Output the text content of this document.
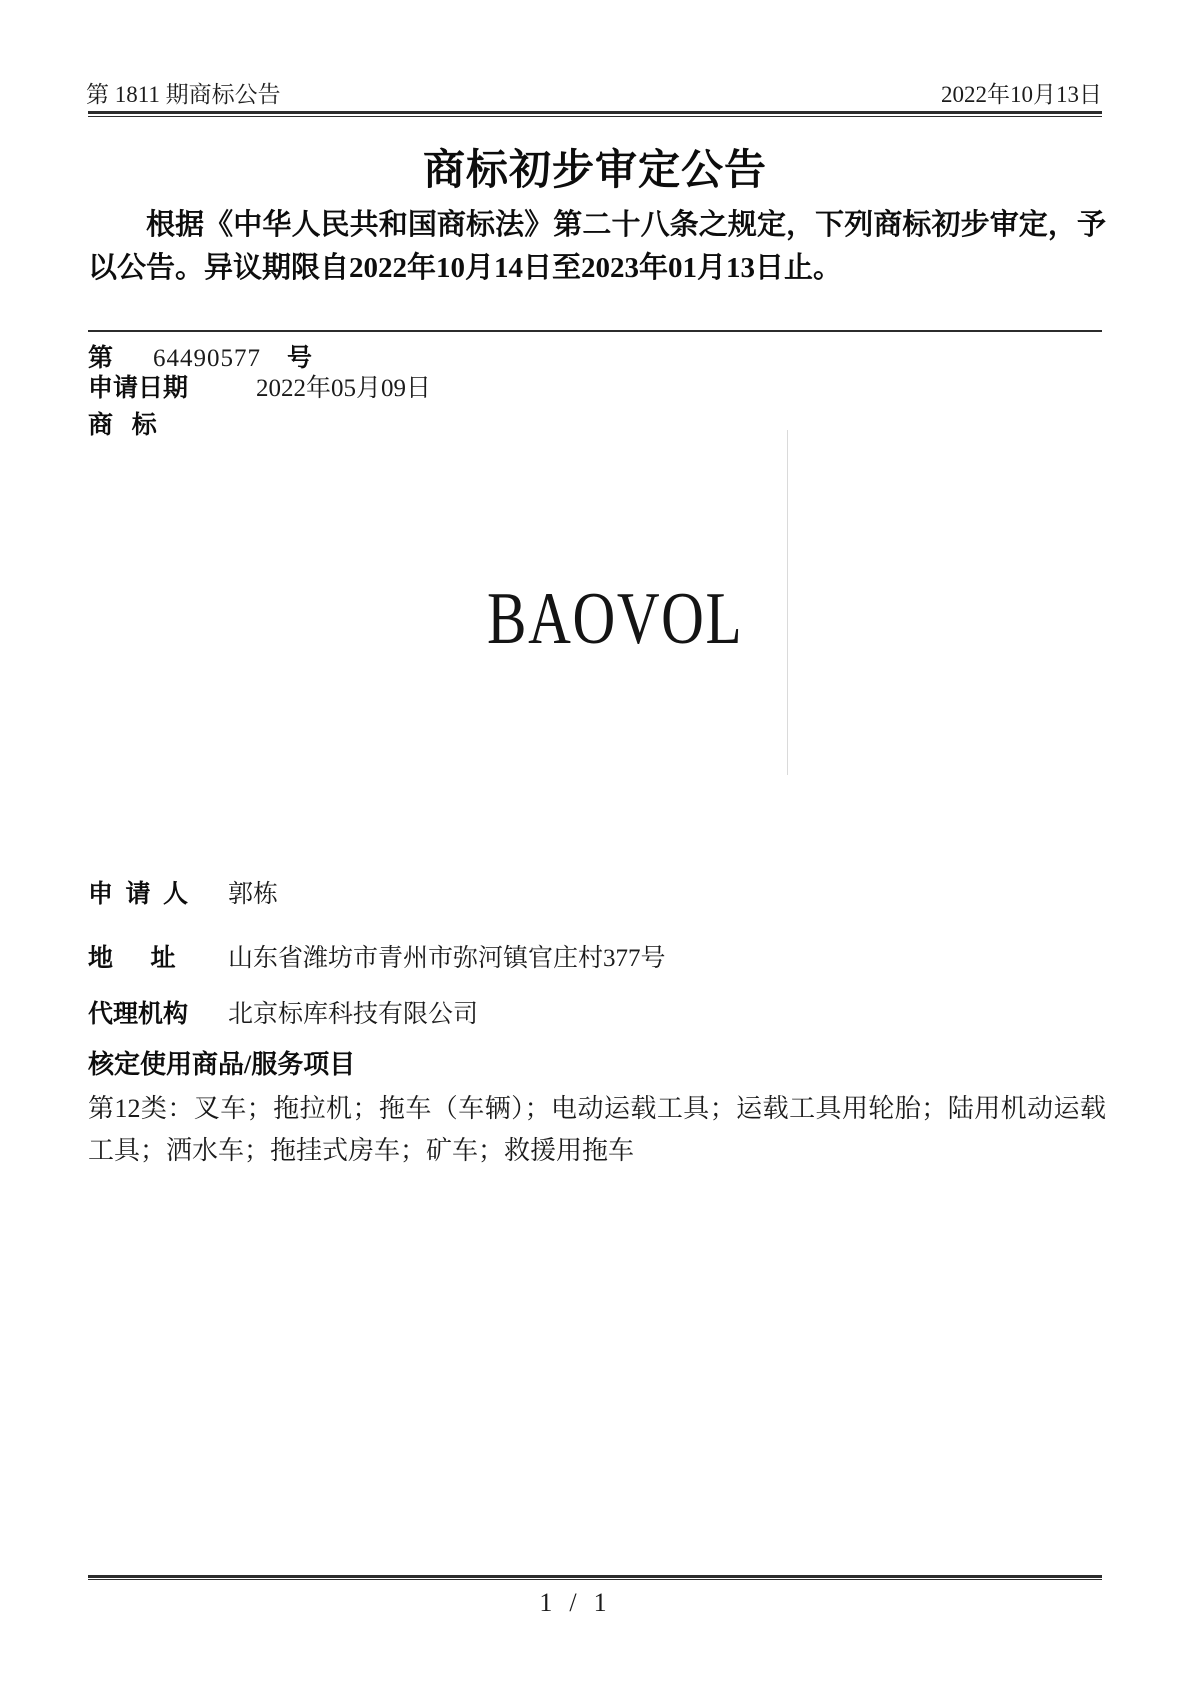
第 1811 期商标公告	2022年10月13日
商标初步审定公告
根据《中华人民共和国商标法》第二十八条之规定，下列商标初步审定，予以公告。异议期限自2022年10月14日至2023年01月13日止。
第 64490577 号
申请日期	2022年05月09日
商   标
BAOVOL
申  请  人 郭栋
地      址 山东省潍坊市青州市弥河镇官庄村377号
代理机构 北京标库科技有限公司
核定使用商品/服务项目
第12类：叉车；拖拉机；拖车（车辆）；电动运载工具；运载工具用轮胎；陆用机动运载工具；洒水车；拖挂式房车；矿车；救援用拖车
1 / 1
